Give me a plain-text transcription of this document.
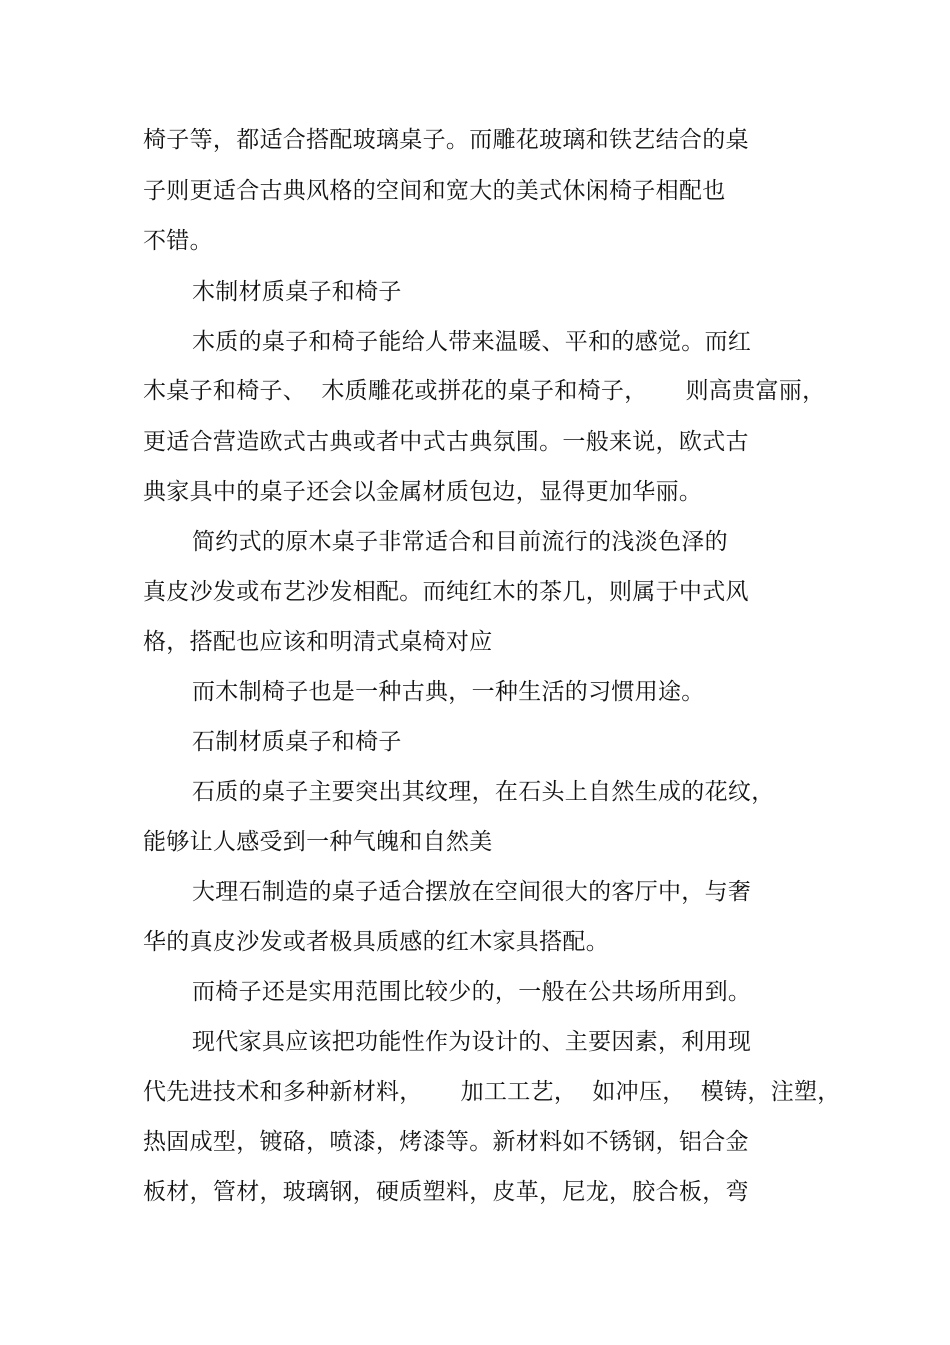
椅子等，都适合搭配玻璃桌子。而雕花玻璃和铁艺结合的桌
子则更适合古典风格的空间和宽大的美式休闲椅子相配也
不错。
木制材质桌子和椅子
木质的桌子和椅子能给人带来温暖、平和的感觉。而红
木桌子和椅子、  木质雕花或拼花的桌子和椅子，     则高贵富丽，
更适合营造欧式古典或者中式古典氛围。一般来说，欧式古
典家具中的桌子还会以金属材质包边，显得更加华丽。
简约式的原木桌子非常适合和目前流行的浅淡色泽的
真皮沙发或布艺沙发相配。而纯红木的茶几，则属于中式风
格，搭配也应该和明清式桌椅对应
而木制椅子也是一种古典，一种生活的习惯用途。
石制材质桌子和椅子
石质的桌子主要突出其纹理，在石头上自然生成的花纹，
能够让人感受到一种气魄和自然美
大理石制造的桌子适合摆放在空间很大的客厅中，与奢
华的真皮沙发或者极具质感的红木家具搭配。
而椅子还是实用范围比较少的，一般在公共场所用到。
现代家具应该把功能性作为设计的、主要因素，利用现
代先进技术和多种新材料，     加工工艺，  如冲压，  模铸，注塑，
热固成型，镀硌，喷漆，烤漆等。新材料如不锈钢，铝合金
板材，管材，玻璃钢，硬质塑料，皮革，尼龙，胶合板，弯
